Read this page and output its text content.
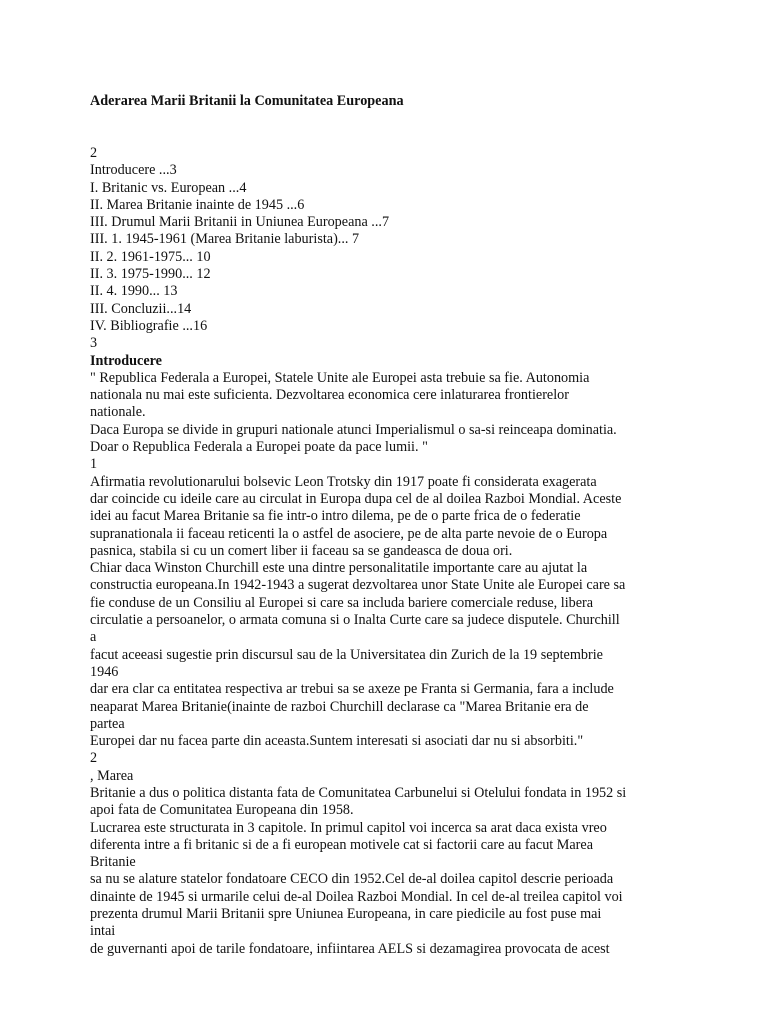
Aderarea Marii Britanii la Comunitatea Europeana
2
Introducere ...3
I. Britanic vs. European ...4
II. Marea Britanie inainte de 1945 ...6
III. Drumul Marii Britanii in Uniunea Europeana ...7
III. 1. 1945-1961 (Marea Britanie laburista)... 7
II. 2. 1961-1975... 10
II. 3. 1975-1990... 12
II. 4. 1990... 13
III. Concluzii...14
IV. Bibliografie ...16
3
Introducere
" Republica Federala a Europei, Statele Unite ale Europei asta trebuie sa fie. Autonomia
nationala nu mai este suficienta. Dezvoltarea economica cere inlaturarea frontierelor
nationale.
Daca Europa se divide in grupuri nationale atunci Imperialismul o sa-si reinceapa dominatia.
Doar o Republica Federala a Europei poate da pace lumii. "
1
Afirmatia revolutionarului bolsevic Leon Trotsky din 1917 poate fi considerata exagerata
dar coincide cu ideile care au circulat in Europa dupa cel de al doilea Razboi Mondial. Aceste
idei au facut Marea Britanie sa fie intr-o intro dilema, pe de o parte frica de o federatie
supranationala ii faceau reticenti la o astfel de asociere, pe de alta parte nevoie de o Europa
pasnica, stabila si cu un comert liber ii faceau sa se gandeasca de doua ori.
Chiar daca Winston Churchill este una dintre personalitatile importante care au ajutat la
constructia europeana.In 1942-1943 a sugerat dezvoltarea unor State Unite ale Europei care sa
fie conduse de un Consiliu al Europei si care sa includa bariere comerciale reduse, libera
circulatie a persoanelor, o armata comuna si o Inalta Curte care sa judece disputele. Churchill
a
facut aceeasi sugestie prin discursul sau de la Universitatea din Zurich de la 19 septembrie
1946
dar era clar ca entitatea respectiva ar trebui sa se axeze pe Franta si Germania, fara a include
neaparat Marea Britanie(inainte de razboi Churchill declarase ca "Marea Britanie era de
partea
Europei dar nu facea parte din aceasta.Suntem interesati si asociati dar nu si absorbiti."
2
, Marea
Britanie a dus o politica distanta fata de Comunitatea Carbunelui si Otelului fondata in 1952 si
apoi fata de Comunitatea Europeana din 1958.
Lucrarea este structurata in 3 capitole. In primul capitol voi incerca sa arat daca exista vreo
diferenta intre a fi britanic si de a fi european motivele cat si factorii care au facut Marea
Britanie
sa nu se alature statelor fondatoare CECO din 1952.Cel de-al doilea capitol descrie perioada
dinainte de 1945 si urmarile celui de-al Doilea Razboi Mondial. In cel de-al treilea capitol voi
prezenta drumul Marii Britanii spre Uniunea Europeana, in care piedicile au fost puse mai
intai
de guvernanti apoi de tarile fondatoare, infiintarea AELS si dezamagirea provocata de acest
